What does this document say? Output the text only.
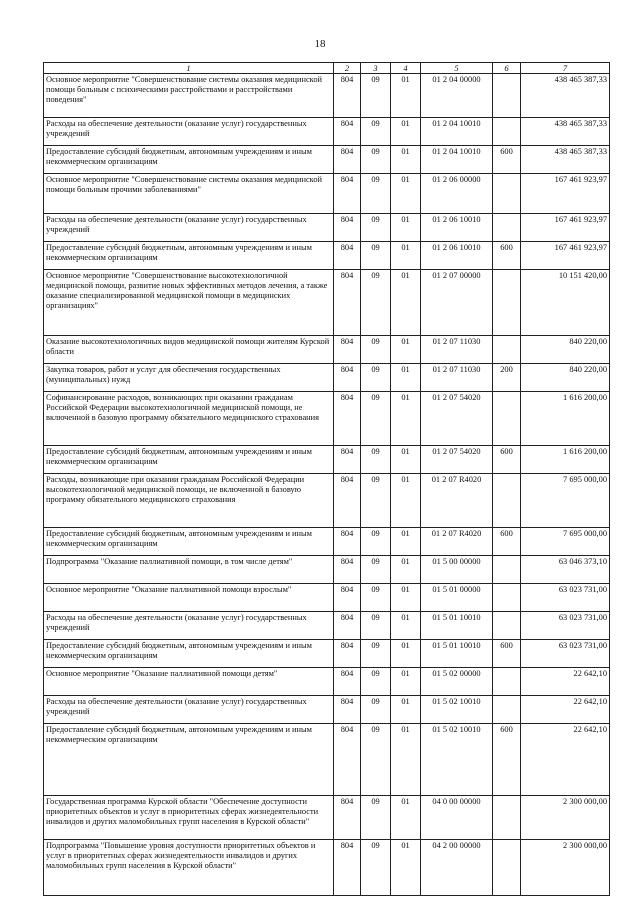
18
1	2	3	4	5	6	7
Основное мероприятие "Совершенствование системы оказания медицинской помощи больным с психическими расстройствами и расстройствами поведения"	804	09	01	01 2 04 00000		438 465 387,33
Расходы на обеспечение деятельности (оказание услуг) государственных учреждений	804	09	01	01 2 04 10010		438 465 387,33
Предоставление субсидий бюджетным, автономным учреждениям и иным некоммерческим организациям	804	09	01	01 2 04 10010	600	438 465 387,33
Основное мероприятие "Совершенствование системы оказания медицинской помощи больным прочими заболеваниями"	804	09	01	01 2 06 00000		167 461 923,97
Расходы на обеспечение деятельности (оказание услуг) государственных учреждений	804	09	01	01 2 06 10010		167 461 923,97
Предоставление субсидий бюджетным, автономным учреждениям и иным некоммерческим организациям	804	09	01	01 2 06 10010	600	167 461 923,97
Основное мероприятие "Совершенствование высокотехнологичной медицинской помощи, развитие новых эффективных методов лечения, а также оказание специализированной медицинской помощи в медицинских организациях"	804	09	01	01 2 07 00000		10 151 420,00
Оказание высокотехнологичных видов медицинской помощи жителям Курской области	804	09	01	01 2 07 11030		840 220,00
Закупка товаров, работ и услуг для обеспечения государственных (муниципальных) нужд	804	09	01	01 2 07 11030	200	840 220,00
Софинансирование расходов, возникающих при оказании гражданам Российской Федерации высокотехнологичной медицинской помощи, не включенной в базовую программу обязательного медицинского страхования	804	09	01	01 2 07 54020		1 616 200,00
Предоставление субсидий бюджетным, автономным учреждениям и иным некоммерческим организациям	804	09	01	01 2 07 54020	600	1 616 200,00
Расходы, возникающие при оказании гражданам Российской Федерации высокотехнологичной медицинской помощи, не включенной в базовую программу обязательного медицинского страхования	804	09	01	01 2 07 R4020		7 695 000,00
Предоставление субсидий бюджетным, автономным учреждениям и иным некоммерческим организациям	804	09	01	01 2 07 R4020	600	7 695 000,00
Подпрограмма "Оказание паллиативной помощи, в том числе детям"	804	09	01	01 5 00 00000		63 046 373,10
Основное мероприятие "Оказание паллиативной помощи взрослым"	804	09	01	01 5 01 00000		63 023 731,00
Расходы на обеспечение деятельности (оказание услуг) государственных учреждений	804	09	01	01 5 01 10010		63 023 731,00
Предоставление субсидий бюджетным, автономным учреждениям и иным некоммерческим организациям	804	09	01	01 5 01 10010	600	63 023 731,00
Основное мероприятие "Оказание паллиативной помощи детям"	804	09	01	01 5 02 00000		22 642,10
Расходы на обеспечение деятельности (оказание услуг) государственных учреждений	804	09	01	01 5 02 10010		22 642,10
Предоставление субсидий бюджетным, автономным учреждениям и иным некоммерческим организациям	804	09	01	01 5 02 10010	600	22 642,10
Государственная программа Курской области "Обеспечение доступности приоритетных объектов и услуг в приоритетных сферах жизнедеятельности инвалидов и других маломобильных групп населения в Курской области"	804	09	01	04 0 00 00000		2 300 000,00
Подпрограмма "Повышение уровня доступности приоритетных объектов и услуг в приоритетных сферах жизнедеятельности инвалидов и других маломобильных групп населения в Курской области"	804	09	01	04 2 00 00000		2 300 000,00
